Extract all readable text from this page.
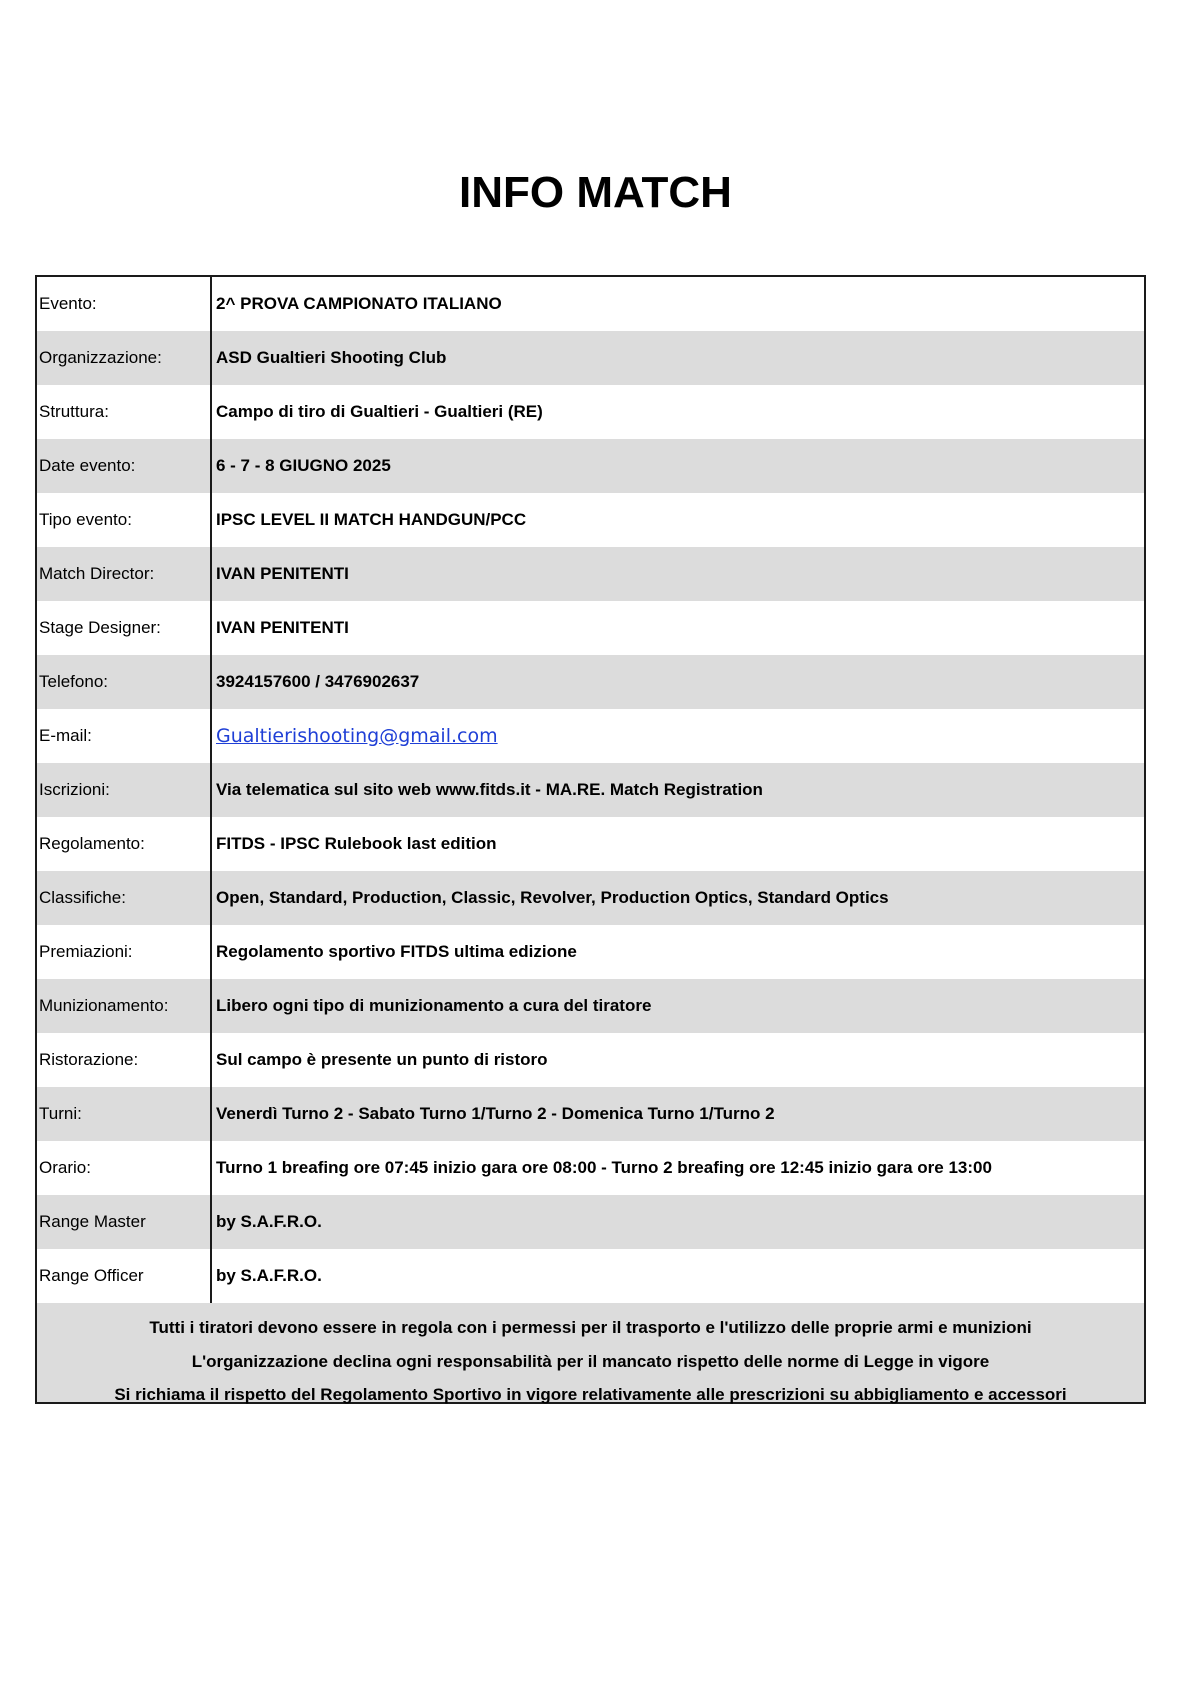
INFO MATCH
Evento:	2^ PROVA CAMPIONATO ITALIANO
Organizzazione:	ASD Gualtieri Shooting Club
Struttura:	Campo di tiro di Gualtieri - Gualtieri (RE)
Date evento:	6 - 7 - 8 GIUGNO 2025
Tipo evento:	IPSC LEVEL II MATCH HANDGUN/PCC
Match Director:	IVAN PENITENTI
Stage Designer:	IVAN PENITENTI
Telefono:	3924157600 / 3476902637
E-mail:	Gualtierishooting@gmail.com
Iscrizioni:	Via telematica sul sito web www.fitds.it - MA.RE. Match Registration
Regolamento:	FITDS - IPSC Rulebook last edition
Classifiche:	Open, Standard, Production, Classic, Revolver, Production Optics, Standard Optics
Premiazioni:	Regolamento sportivo FITDS ultima edizione
Munizionamento:	Libero ogni tipo di munizionamento a cura del tiratore
Ristorazione:	Sul campo è presente un punto di ristoro
Turni:	Venerdì Turno 2 - Sabato Turno 1/Turno 2 - Domenica Turno 1/Turno 2
Orario:	Turno 1 breafing ore 07:45 inizio gara ore 08:00 - Turno 2 breafing ore 12:45 inizio gara ore 13:00
Range Master	by S.A.F.R.O.
Range Officer	by S.A.F.R.O.
Tutti i tiratori devono essere in regola con i permessi per il trasporto e l'utilizzo delle proprie armi e munizioni
L'organizzazione declina ogni responsabilità per il mancato rispetto delle norme di Legge in vigore
Si richiama il rispetto del Regolamento Sportivo in vigore relativamente alle prescrizioni su abbigliamento e accessori
